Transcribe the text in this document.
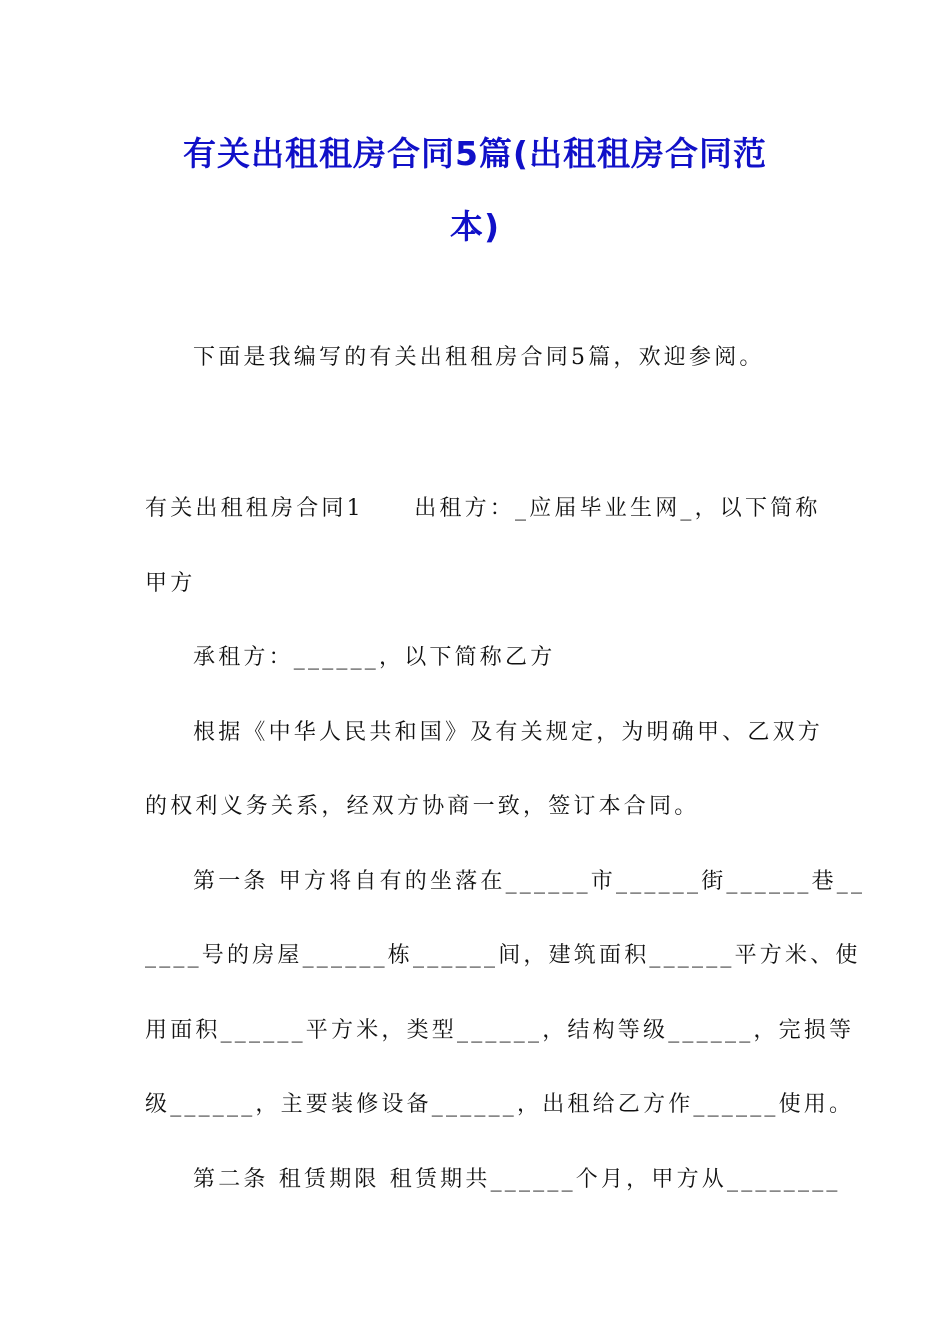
有关出租租房合同5篇(出租租房合同范
本)
下面是我编写的有关出租租房合同5篇，欢迎参阅。
有关出租租房合同1　　出租方：_应届毕业生网_，以下简称
甲方
承租方：______，以下简称乙方
根据《中华人民共和国》及有关规定，为明确甲、乙双方
的权利义务关系，经双方协商一致，签订本合同。
第一条 甲方将自有的坐落在______市______街______巷__
____号的房屋______栋______间，建筑面积______平方米、使
用面积______平方米，类型______，结构等级______，完损等
级______，主要装修设备______，出租给乙方作______使用。
第二条 租赁期限 租赁期共______个月，甲方从________
